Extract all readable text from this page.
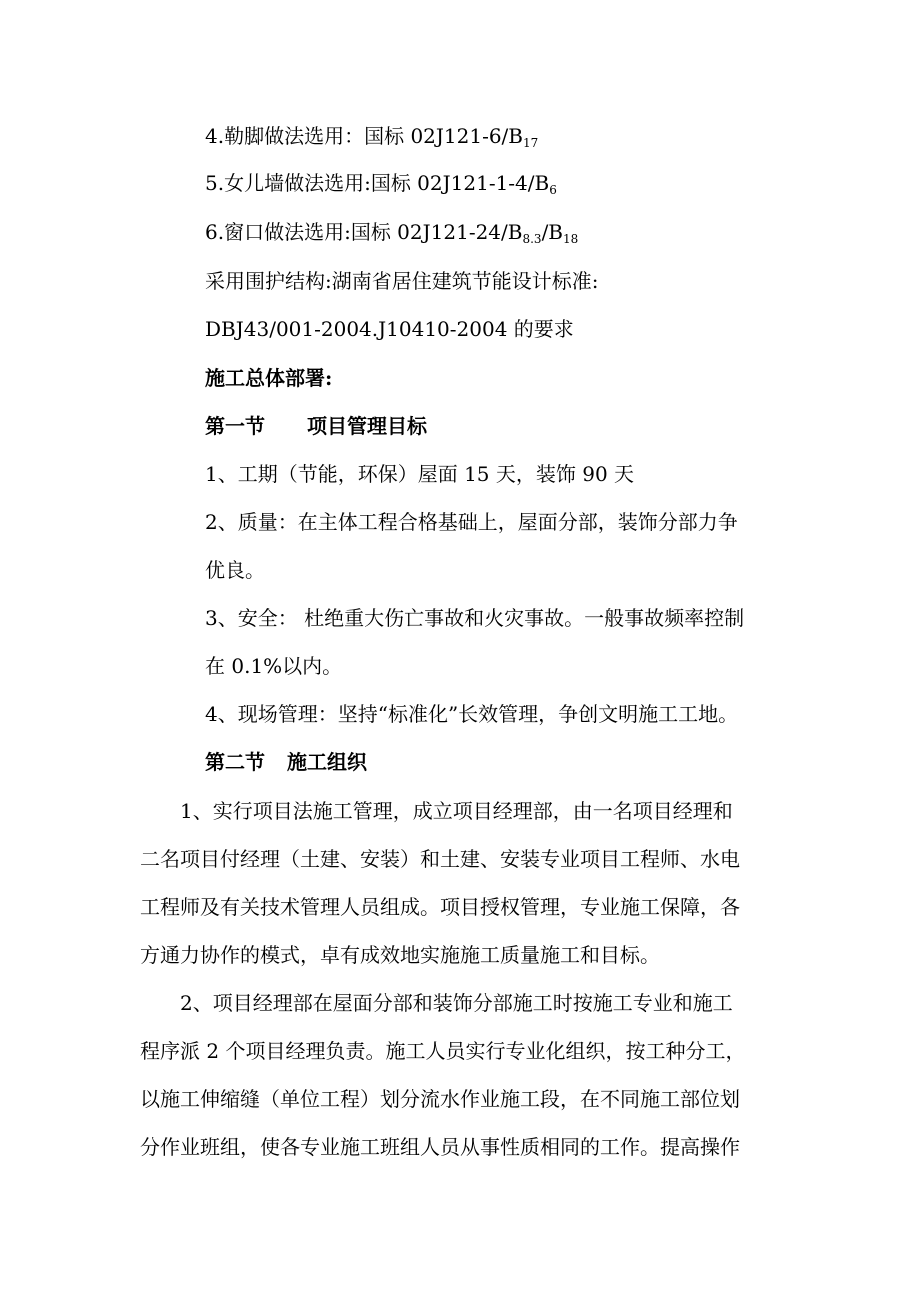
4.勒脚做法选用：国标 $02J121-6/B_{17}$
5.女儿墙做法选用:国标 $02J121-1-4/B_6$
6.窗口做法选用:国标 $02J121-24/B_{8.3}/B_{18}$
采用围护结构:湖南省居住建筑节能设计标准:
DBJ43/001-2004.J10410-2004 的要求
施工总体部署:
第一节 项目管理目标
1、工期（节能，环保）屋面 15 天，装饰 90 天
2、质量：在主体工程合格基础上，屋面分部，装饰分部力争
优良。
3、安全： 杜绝重大伤亡事故和火灾事故。一般事故频率控制
在 0.1%以内。
4、现场管理：坚持“标准化”长效管理，争创文明施工工地。
第二节 施工组织
1、实行项目法施工管理，成立项目经理部，由一名项目经理和
二名项目付经理（土建、安装）和土建、安装专业项目工程师、水电
工程师及有关技术管理人员组成。项目授权管理，专业施工保障，各
方通力协作的模式，卓有成效地实施施工质量施工和目标。
2、项目经理部在屋面分部和装饰分部施工时按施工专业和施工
程序派 2 个项目经理负责。施工人员实行专业化组织，按工种分工，
以施工伸缩缝（单位工程）划分流水作业施工段，在不同施工部位划
分作业班组，使各专业施工班组人员从事性质相同的工作。提高操作
